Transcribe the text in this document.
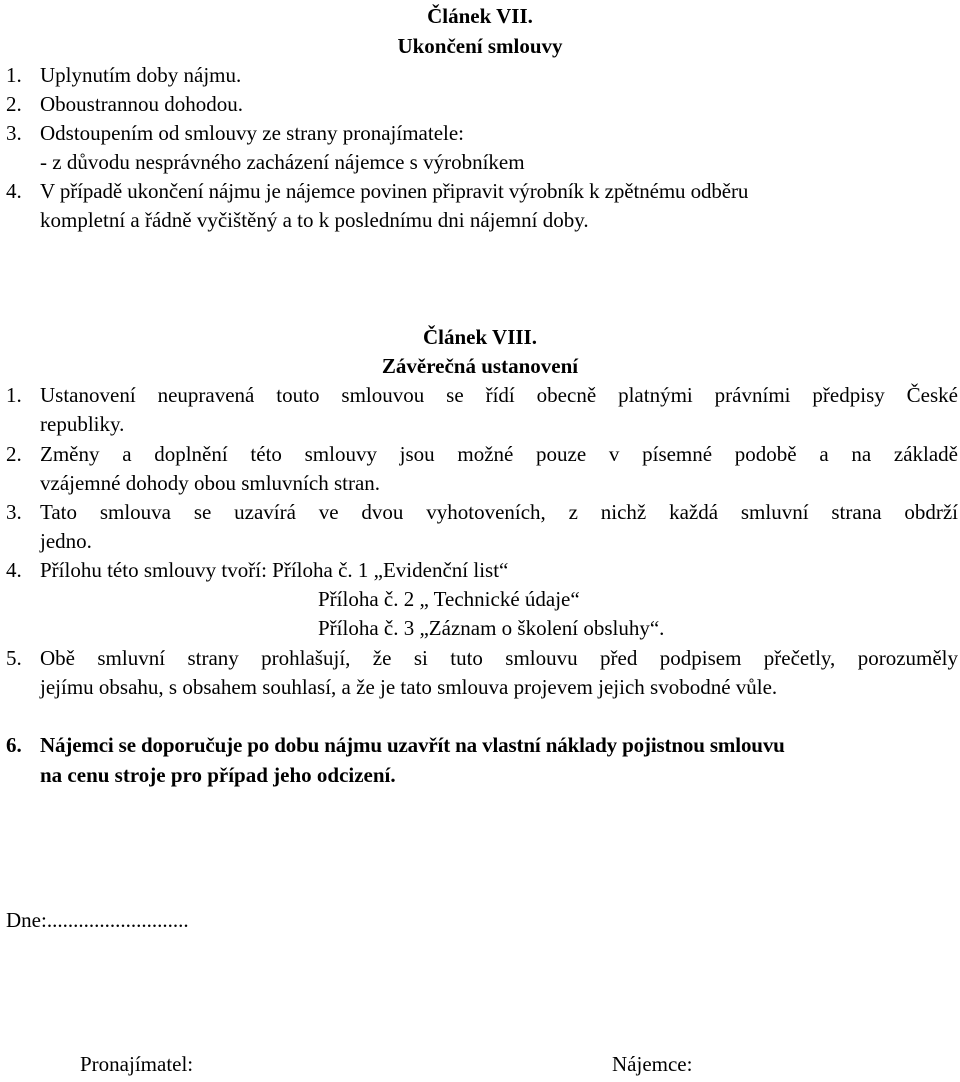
Článek VII.
Ukončení smlouvy
1. Uplynutím doby nájmu.
2. Oboustrannou dohodou.
3. Odstoupením od smlouvy ze strany pronajímatele:
- z důvodu nesprávného zacházení nájemce s výrobníkem
4. V případě ukončení nájmu je nájemce povinen připravit výrobník k zpětnému odběru
kompletní a řádně vyčištěný a to k poslednímu dni nájemní doby.
Článek VIII.
Závěrečná ustanovení
1. Ustanovení neupravená touto smlouvou se řídí obecně platnými právními předpisy České
republiky.
2. Změny a doplnění této smlouvy jsou možné pouze v písemné podobě a na základě
vzájemné dohody obou smluvních stran.
3. Tato smlouva se uzavírá ve dvou vyhotoveních, z nichž každá smluvní strana obdrží
jedno.
4. Přílohu této smlouvy tvoří: Příloha č. 1 „Evidenční list“
Příloha č. 2 „ Technické údaje“
Příloha č. 3 „Záznam o školení obsluhy“.
5. Obě smluvní strany prohlašují, že si tuto smlouvu před podpisem přečetly, porozuměly
jejímu obsahu, s obsahem souhlasí, a že je tato smlouva projevem jejich svobodné vůle.
6. Nájemci se doporučuje po dobu nájmu uzavřít na vlastní náklady pojistnou smlouvu
na cenu stroje pro případ jeho odcizení.
Dne:...........................
Pronajímatel:	Nájemce:
